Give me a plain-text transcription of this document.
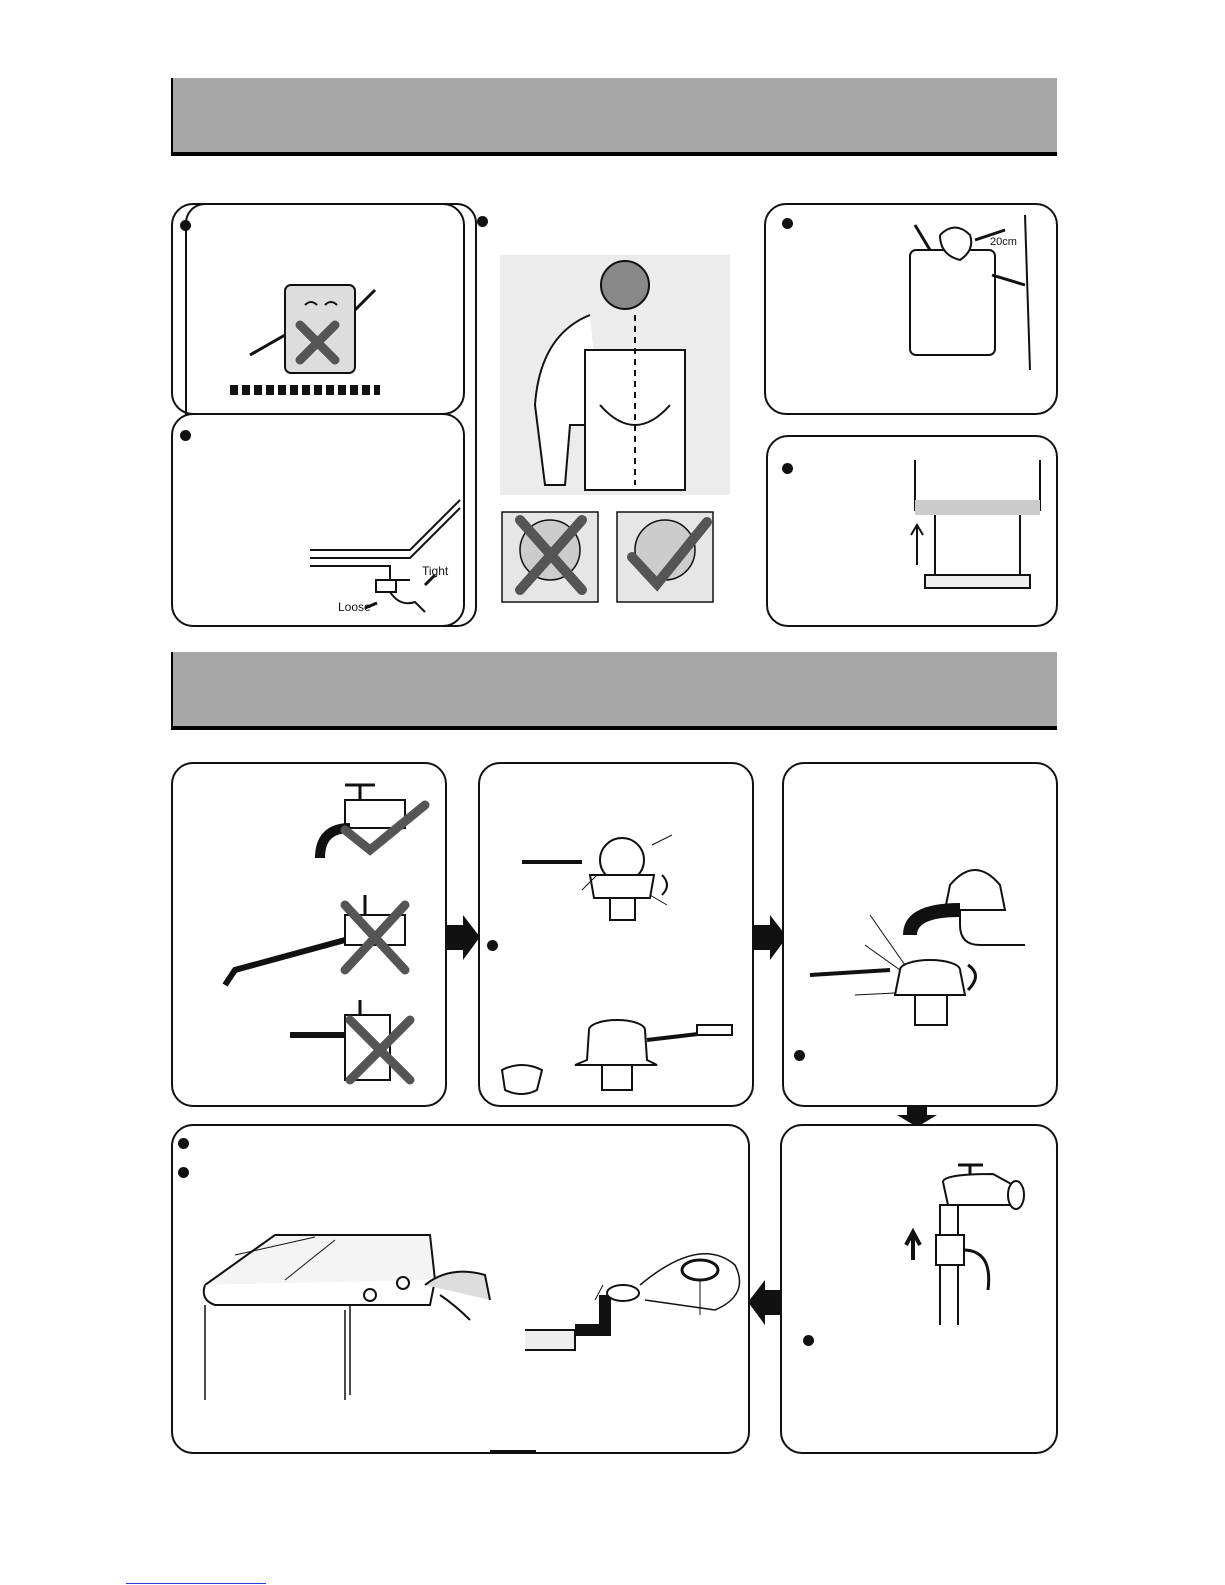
Tight
Loose
20cm
